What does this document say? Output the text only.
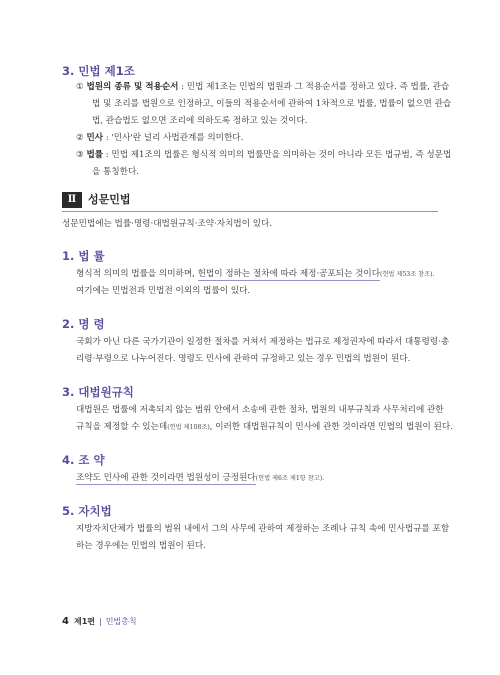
3. 민법 제1조
① 법원의 종류 및 적용순서 : 민법 제1조는 민법의 법원과 그 적용순서를 정하고 있다. 즉 법률, 관습
법 및 조리를 법원으로 인정하고, 이들의 적용순서에 관하여 1차적으로 법률, 법률이 없으면 관습
법, 관습법도 없으면 조리에 의하도록 정하고 있는 것이다.
② 민사 : '민사'란 널리 사법관계를 의미한다.
③ 법률 : 민법 제1조의 법률은 형식적 의미의 법률만을 의미하는 것이 아니라 모든 법규범, 즉 성문법
을 통칭한다.
Ⅱ	성문민법
성문민법에는 법률·명령·대법원규칙·조약·자치법이 있다.
1. 법 률
형식적 의미의 법률을 의미하며, 헌법이 정하는 절차에 따라 제정·공포되는 것이다(헌법 제53조 참조).
여기에는 민법전과 민법전 이외의 법률이 있다.
2. 명 령
국회가 아닌 다른 국가기관이 일정한 절차를 거쳐서 제정하는 법규로 제정권자에 따라서 대통령령·총
리령·부령으로 나누어진다. 명령도 민사에 관하여 규정하고 있는 경우 민법의 법원이 된다.
3. 대법원규칙
대법원은 법률에 저촉되지 않는 범위 안에서 소송에 관한 절차, 법원의 내부규칙과 사무처리에 관한
규칙을 제정할 수 있는데(헌법 제108조), 이러한 대법원규칙이 민사에 관한 것이라면 민법의 법원이 된다.
4. 조 약
조약도 민사에 관한 것이라면 법원성이 긍정된다(헌법 제6조 제1항 참고).
5. 자치법
지방자치단체가 법률의 범위 내에서 그의 사무에 관하여 제정하는 조례나 규칙 속에 민사법규를 포함
하는 경우에는 민법의 법원이 된다.
4 제1편 | 민법총칙
